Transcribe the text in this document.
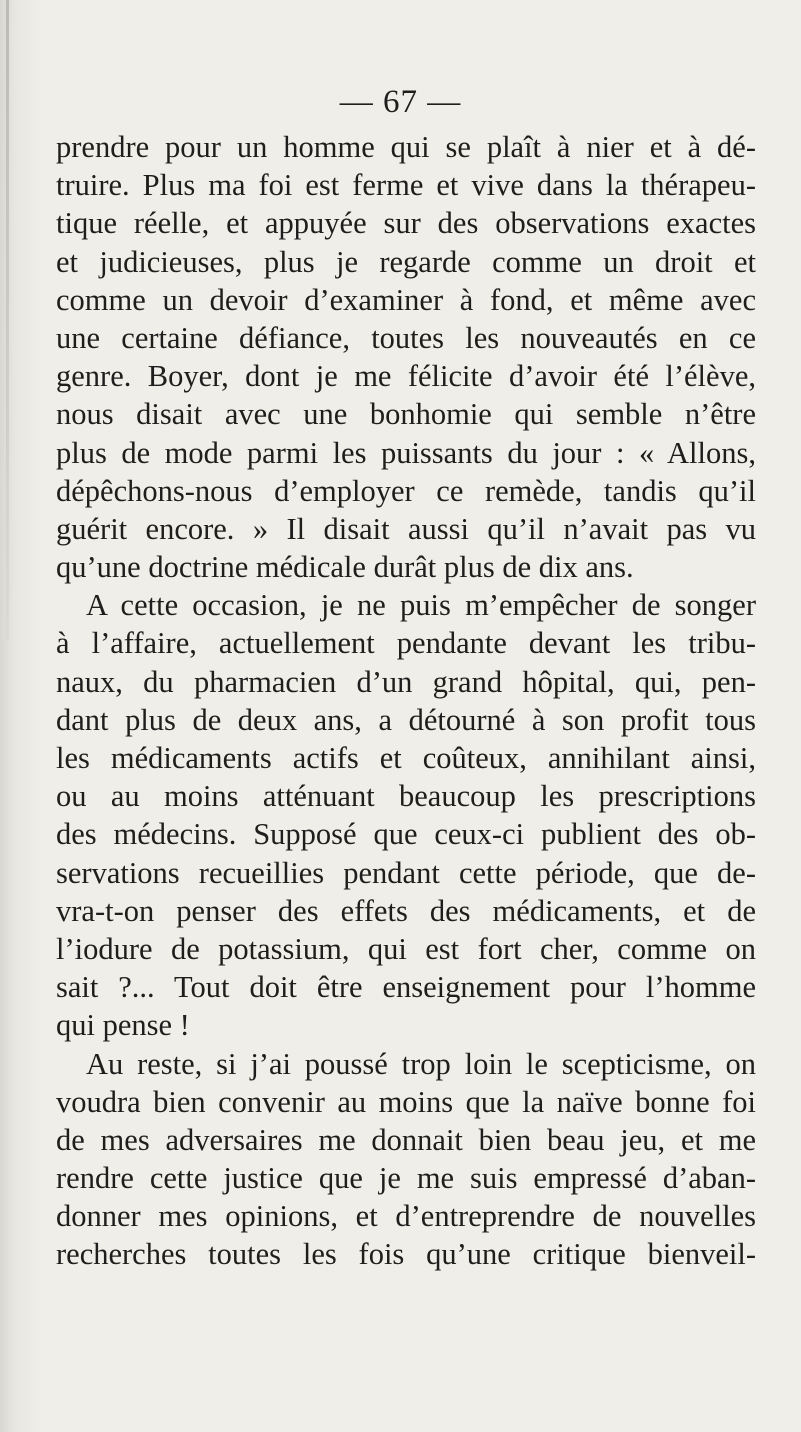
— 67 —
prendre pour un homme qui se plaît à nier et à dé-
truire. Plus ma foi est ferme et vive dans la thérapeu-
tique réelle, et appuyée sur des observations exactes
et judicieuses, plus je regarde comme un droit et
comme un devoir d’examiner à fond, et même avec
une certaine défiance, toutes les nouveautés en ce
genre. Boyer, dont je me félicite d’avoir été l’élève,
nous disait avec une bonhomie qui semble n’être
plus de mode parmi les puissants du jour : « Allons,
dépêchons-nous d’employer ce remède, tandis qu’il
guérit encore. » Il disait aussi qu’il n’avait pas vu
qu’une doctrine médicale durât plus de dix ans.
A cette occasion, je ne puis m’empêcher de songer
à l’affaire, actuellement pendante devant les tribu-
naux, du pharmacien d’un grand hôpital, qui, pen-
dant plus de deux ans, a détourné à son profit tous
les médicaments actifs et coûteux, annihilant ainsi,
ou au moins atténuant beaucoup les prescriptions
des médecins. Supposé que ceux-ci publient des ob-
servations recueillies pendant cette période, que de-
vra-t-on penser des effets des médicaments, et de
l’iodure de potassium, qui est fort cher, comme on
sait ?... Tout doit être enseignement pour l’homme
qui pense !
Au reste, si j’ai poussé trop loin le scepticisme, on
voudra bien convenir au moins que la naïve bonne foi
de mes adversaires me donnait bien beau jeu, et me
rendre cette justice que je me suis empressé d’aban-
donner mes opinions, et d’entreprendre de nouvelles
recherches toutes les fois qu’une critique bienveil-
